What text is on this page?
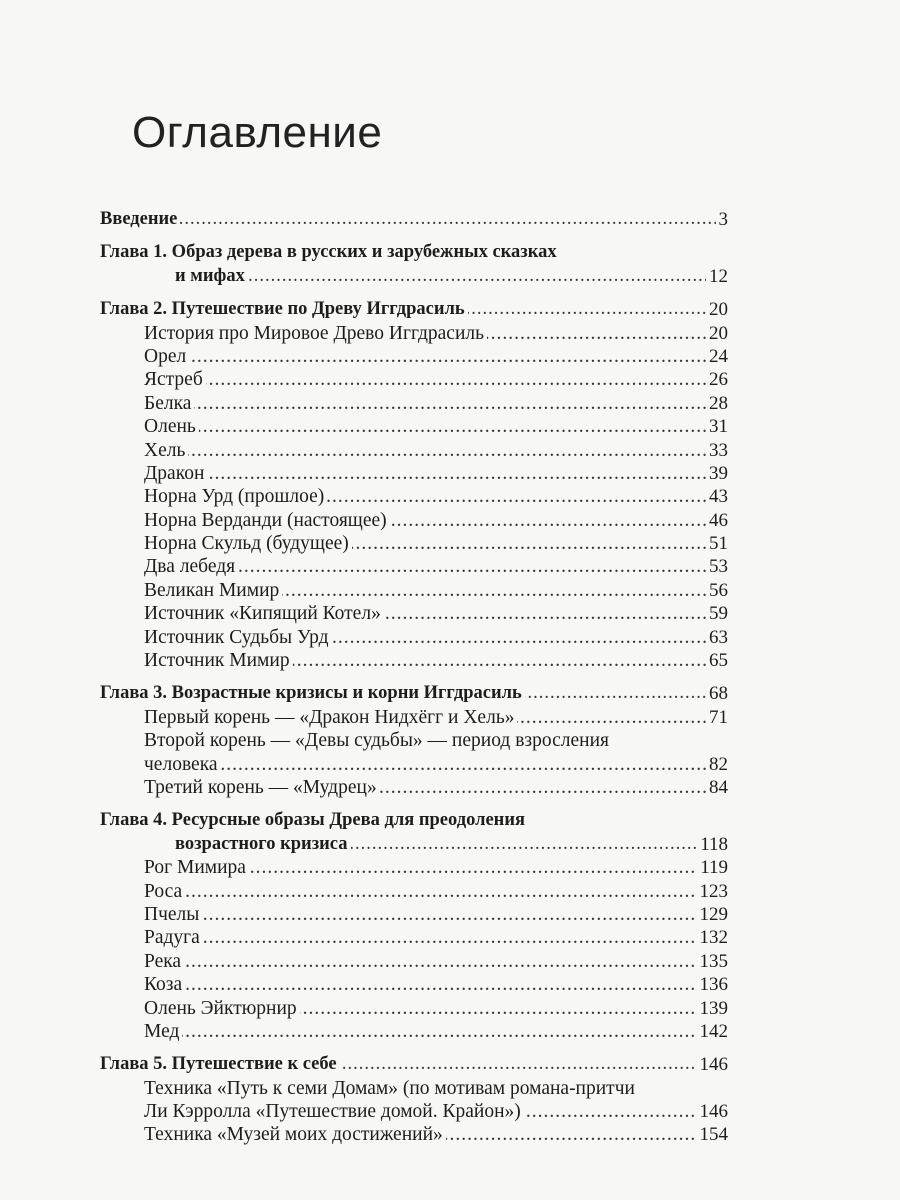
Оглавление
Введение .....	3
Глава 1. Образ дерева в русских и зарубежных сказках
и мифах .....	12
Глава 2. Путешествие по Древу Иггдрасиль .....	20
История про Мировое Древо Иггдрасиль .....	20
Орел .....	24
Ястреб .....	26
Белка .....	28
Олень .....	31
Хель .....	33
Дракон .....	39
Норна Урд (прошлое) .....	43
Норна Верданди (настоящее) .....	46
Норна Скульд (будущее) .....	51
Два лебедя .....	53
Великан Мимир .....	56
Источник «Кипящий Котел» .....	59
Источник Судьбы Урд .....	63
Источник Мимир .....	65
Глава 3. Возрастные кризисы и корни Иггдрасиль .....	68
Первый корень — «Дракон Нидхёгг и Хель» .....	71
Второй корень — «Девы судьбы» — период взросления
человека .....	82
Третий корень — «Мудрец» .....	84
Глава 4. Ресурсные образы Древа для преодоления
возрастного кризиса .....	118
Рог Мимира .....	119
Роса .....	123
Пчелы .....	129
Радуга .....	132
Река .....	135
Коза .....	136
Олень Эйктюрнир .....	139
Мед .....	142
Глава 5. Путешествие к себе .....	146
Техника «Путь к семи Домам» (по мотивам романа-притчи
Ли Кэрролла «Путешествие домой. Крайон») .....	146
Техника «Музей моих достижений» .....	154
